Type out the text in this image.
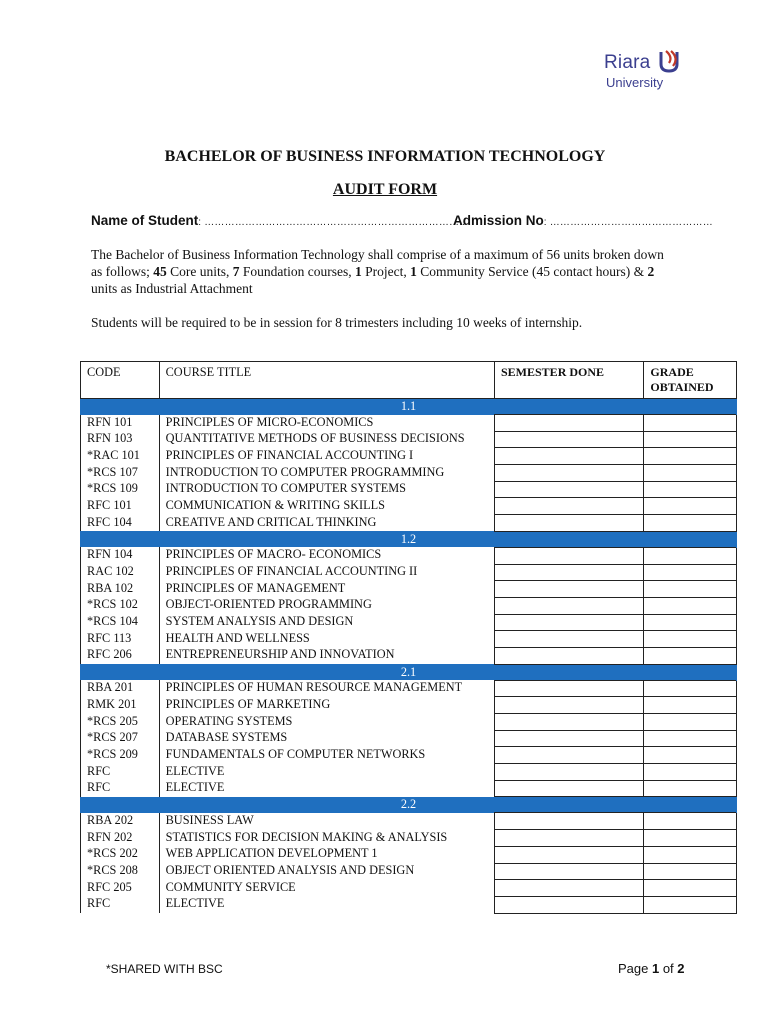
Riara
University
BACHELOR OF BUSINESS INFORMATION TECHNOLOGY
AUDIT FORM
Name of Student: …………………………………………………………………..
Admission No: …………………………………………
The Bachelor of Business Information Technology shall comprise of a maximum of 56 units broken down
as follows; 45 Core units, 7 Foundation courses, 1 Project, 1 Community Service (45 contact hours) & 2
units as Industrial Attachment
Students will be required to be in session for 8 trimesters including 10 weeks of internship.
CODE	COURSE TITLE	SEMESTER DONE	GRADE OBTAINED
1.1			
RFN 101	PRINCIPLES OF MICRO-ECONOMICS		
RFN 103	QUANTITATIVE METHODS OF BUSINESS DECISIONS		
*RAC 101	PRINCIPLES OF FINANCIAL ACCOUNTING I		
*RCS 107	INTRODUCTION TO COMPUTER PROGRAMMING		
*RCS 109	INTRODUCTION TO COMPUTER SYSTEMS		
RFC 101	COMMUNICATION & WRITING SKILLS		
RFC 104	CREATIVE AND CRITICAL THINKING		
1.2			
RFN 104	PRINCIPLES OF MACRO- ECONOMICS		
RAC 102	PRINCIPLES OF FINANCIAL ACCOUNTING II		
RBA 102	PRINCIPLES OF MANAGEMENT		
*RCS 102	OBJECT-ORIENTED PROGRAMMING		
*RCS 104	SYSTEM ANALYSIS AND DESIGN		
RFC 113	HEALTH AND WELLNESS		
RFC 206	ENTREPRENEURSHIP AND INNOVATION		
2.1			
RBA 201	PRINCIPLES OF HUMAN RESOURCE MANAGEMENT		
RMK 201	PRINCIPLES OF MARKETING		
*RCS 205	OPERATING SYSTEMS		
*RCS 207	DATABASE SYSTEMS		
*RCS 209	FUNDAMENTALS OF COMPUTER NETWORKS		
RFC	ELECTIVE		
RFC	ELECTIVE		
2.2			
RBA 202	BUSINESS LAW		
RFN 202	STATISTICS FOR DECISION MAKING & ANALYSIS		
*RCS 202	WEB APPLICATION DEVELOPMENT 1		
*RCS 208	OBJECT ORIENTED ANALYSIS AND DESIGN		
RFC 205	COMMUNITY SERVICE		
RFC	ELECTIVE		
*SHARED WITH BSC	Page 1 of 2
